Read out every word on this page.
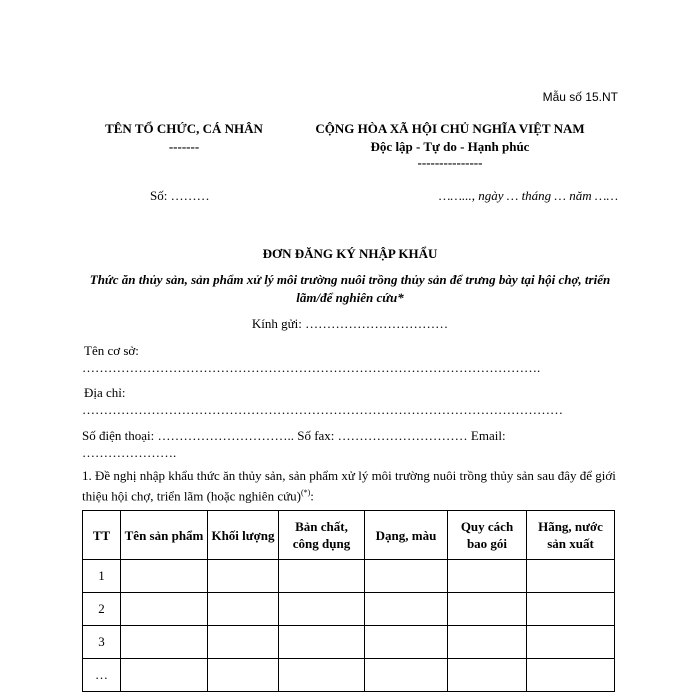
Mẫu số 15.NT
TÊN TỔ CHỨC, CÁ NHÂN
-------
CỘNG HÒA XÃ HỘI CHỦ NGHĨA VIỆT NAM
Độc lập - Tự do - Hạnh phúc
---------------
Số: ………	……..., ngày … tháng … năm ……
ĐƠN ĐĂNG KÝ NHẬP KHẨU
Thức ăn thủy sản, sản phẩm xử lý môi trường nuôi trồng thủy sản để trưng bày tại hội chợ, triển lãm/để nghiên cứu*
Kính gửi: ……………………………
Tên cơ sở:
…………………………………………………………………………………………….
Địa chỉ:
…………………………………………………………………………………………………
Số điện thoại: ………………………….. Số fax: ………………………… Email:
………………….
1. Đề nghị nhập khẩu thức ăn thủy sản, sản phẩm xử lý môi trường nuôi trồng thủy sản sau đây để giới thiệu hội chợ, triển lãm (hoặc nghiên cứu)(*):
TT	Tên sản phẩm	Khối lượng	Bản chất, công dụng	Dạng, màu	Quy cách bao gói	Hãng, nước sản xuất
1						
2						
3						
…						
